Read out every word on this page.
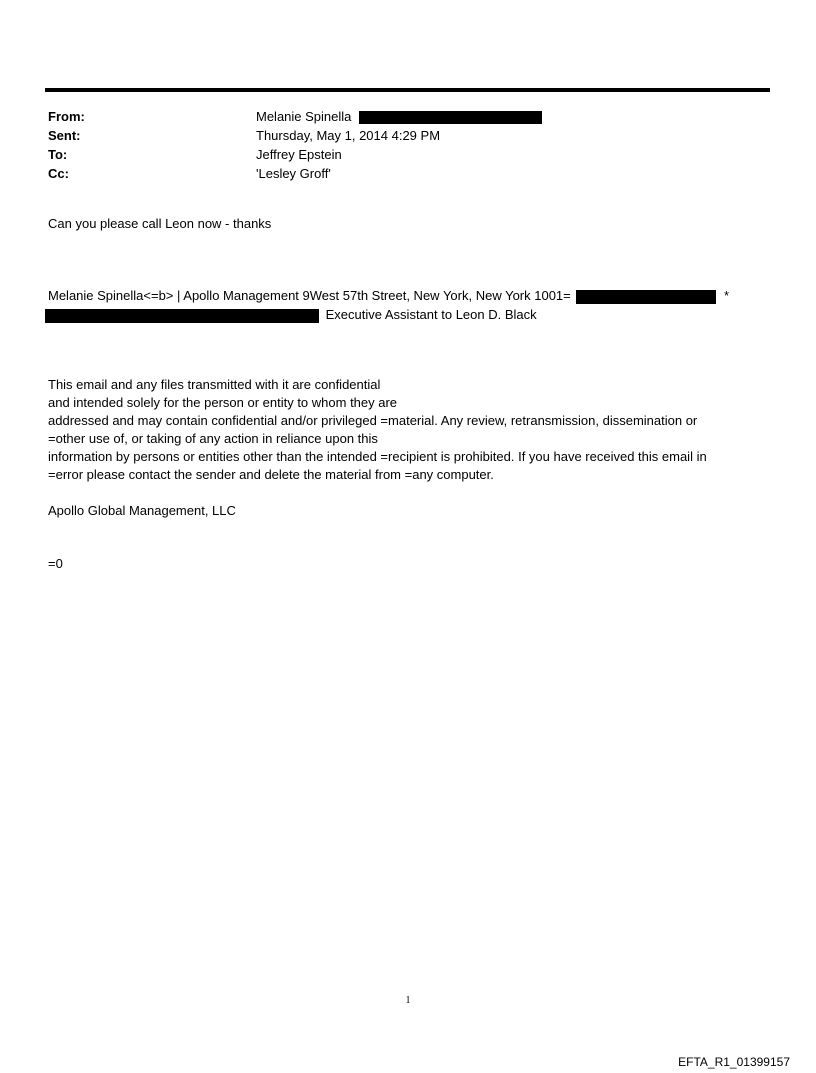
From:	Melanie Spinella
Sent:	Thursday, May 1, 2014 4:29 PM
To:	Jeffrey Epstein
Cc:	'Lesley Groff'
Can you please call Leon now - thanks
Melanie Spinella<=b> | Apollo Management 9West 57th Street, New York, New York 1001=	*
Executive Assistant to Leon D. Black
This email and any files transmitted with it are confidential
and intended solely for the person or entity to whom they are
addressed and may contain confidential and/or privileged =material. Any review, retransmission, dissemination or
=other use of, or taking of any action in reliance upon this
information by persons or entities other than the intended =recipient is prohibited. If you have received this email in
=error please contact the sender and delete the material from =any computer.
Apollo Global Management, LLC
=0
1
EFTA_R1_01399157
